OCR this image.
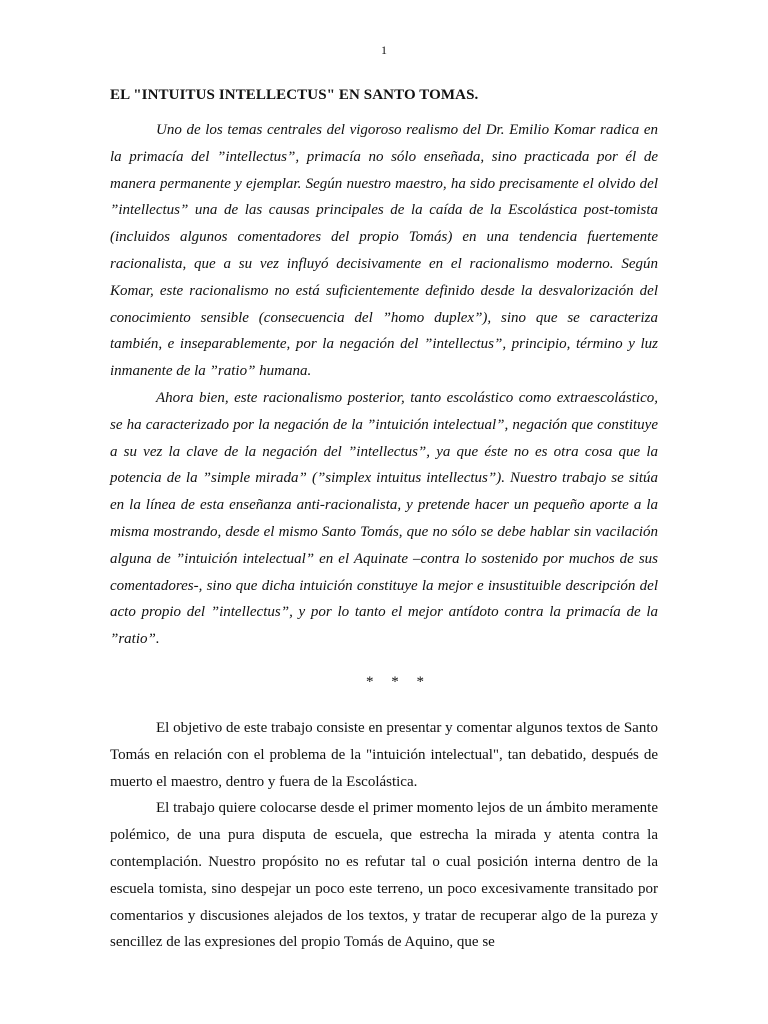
1
EL "INTUITUS INTELLECTUS" EN SANTO TOMAS.

Uno de los temas centrales del vigoroso realismo del Dr. Emilio Komar radica en la primacía del ”intellectus”, primacía no sólo enseñada, sino practicada por él de manera permanente y ejemplar. Según nuestro maestro, ha sido precisamente el olvido del ”intellectus” una de las causas principales de la caída de la Escolástica post-tomista (incluidos algunos comentadores del propio Tomás) en una tendencia fuertemente racionalista, que a su vez influyó decisivamente en el racionalismo moderno. Según Komar, este racionalismo no está suficientemente definido desde la desvalorización del conocimiento sensible (consecuencia del ”homo duplex”), sino que se caracteriza también, e inseparablemente, por la negación del ”intellectus”, principio, término y luz inmanente de la ”ratio” humana.

Ahora bien, este racionalismo posterior, tanto escolástico como extraescolástico, se ha caracterizado por la negación de la ”intuición intelectual”, negación que constituye a su vez la clave de la negación del ”intellectus”, ya que éste no es otra cosa que la potencia de la ”simple mirada” (”simplex intuitus intellectus”). Nuestro trabajo se sitúa en la línea de esta enseñanza anti-racionalista, y pretende hacer un pequeño aporte a la misma mostrando, desde el mismo Santo Tomás, que no sólo se debe hablar sin vacilación alguna de ”intuición intelectual” en el Aquinate –contra lo sostenido por muchos de sus comentadores-, sino que dicha intuición constituye la mejor e insustituible descripción del acto propio del ”intellectus”, y por lo tanto el mejor antídoto contra la primacía de la ”ratio”.

* * *

El objetivo de este trabajo consiste en presentar y comentar algunos textos de Santo Tomás en relación con el problema de la "intuición intelectual", tan debatido, después de muerto el maestro, dentro y fuera de la Escolástica.

El trabajo quiere colocarse desde el primer momento lejos de un ámbito meramente polémico, de una pura disputa de escuela, que estrecha la mirada y atenta contra la contemplación. Nuestro propósito no es refutar tal o cual posición interna dentro de la escuela tomista, sino despejar un poco este terreno, un poco excesivamente transitado por comentarios y discusiones alejados de los textos, y tratar de recuperar algo de la pureza y sencillez de las expresiones del propio Tomás de Aquino, que se
